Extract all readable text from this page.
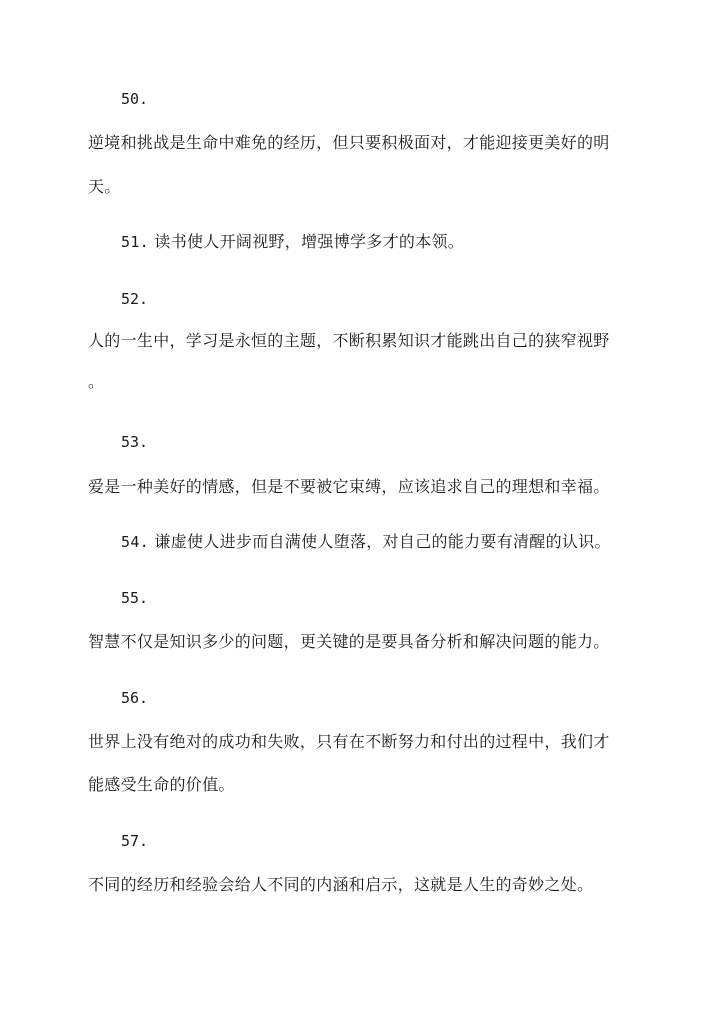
50.
逆境和挑战是生命中难免的经历，但只要积极面对，才能迎接更美好的明
天。
51. 读书使人开阔视野，增强博学多才的本领。
52.
人的一生中，学习是永恒的主题，不断积累知识才能跳出自己的狭窄视野
。
53.
爱是一种美好的情感，但是不要被它束缚，应该追求自己的理想和幸福。
54. 谦虚使人进步而自满使人堕落，对自己的能力要有清醒的认识。
55.
智慧不仅是知识多少的问题，更关键的是要具备分析和解决问题的能力。
56.
世界上没有绝对的成功和失败，只有在不断努力和付出的过程中，我们才
能感受生命的价值。
57.
不同的经历和经验会给人不同的内涵和启示，这就是人生的奇妙之处。
